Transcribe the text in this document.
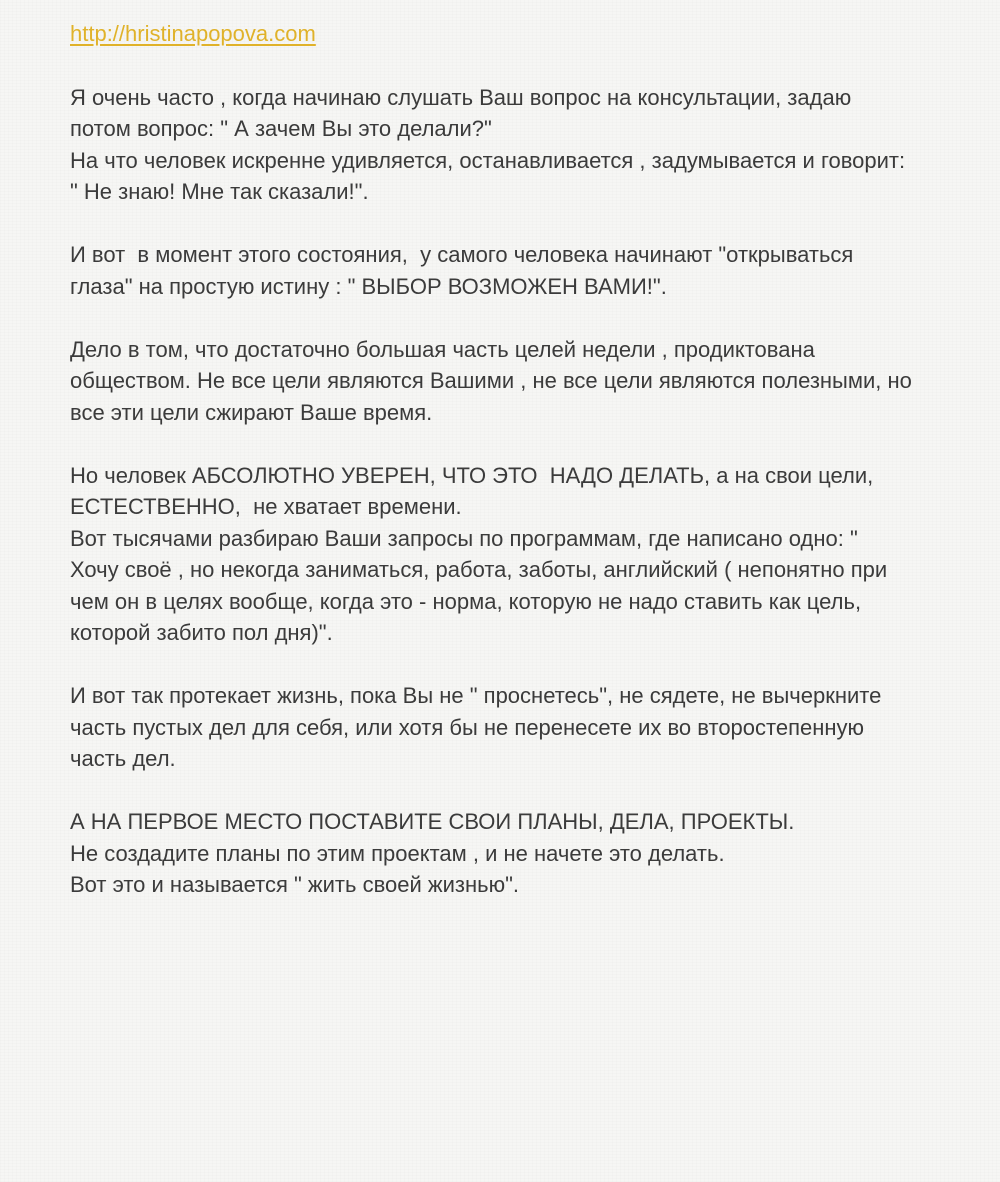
http://hristinapopova.com

Я очень часто , когда начинаю слушать Ваш вопрос на консультации, задаю
потом вопрос: " А зачем Вы это делали?"
На что человек искренне удивляется, останавливается , задумывается и говорит:
" Не знаю! Мне так сказали!".

И вот  в момент этого состояния,  у самого человека начинают "открываться
глаза" на простую истину : " ВЫБОР ВОЗМОЖЕН ВАМИ!".

Дело в том, что достаточно большая часть целей недели , продиктована
обществом. Не все цели являются Вашими , не все цели являются полезными, но
все эти цели сжирают Ваше время.

Но человек АБСОЛЮТНО УВЕРЕН, ЧТО ЭТО  НАДО ДЕЛАТЬ, а на свои цели,
ЕСТЕСТВЕННО,  не хватает времени.
Вот тысячами разбираю Ваши запросы по программам, где написано одно: "
Хочу своё , но некогда заниматься, работа, заботы, английский ( непонятно при
чем он в целях вообще, когда это - норма, которую не надо ставить как цель,
которой забито пол дня)".

И вот так протекает жизнь, пока Вы не " проснетесь", не сядете, не вычеркните
часть пустых дел для себя, или хотя бы не перенесете их во второстепенную
часть дел.

А НА ПЕРВОЕ МЕСТО ПОСТАВИТЕ СВОИ ПЛАНЫ, ДЕЛА, ПРОЕКТЫ.
Не создадите планы по этим проектам , и не начете это делать.
Вот это и называется " жить своей жизнью".
